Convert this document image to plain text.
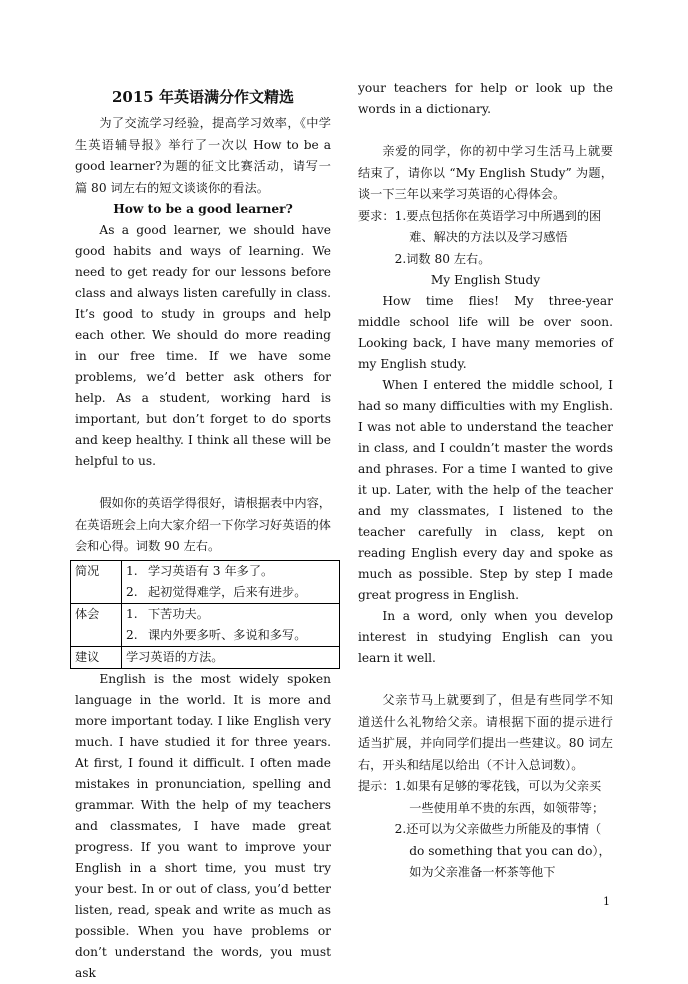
2015 年英语满分作文精选

为了交流学习经验，提高学习效率，《中学生英语辅导报》举行了一次以 How to be a good learner?为题的征文比赛活动，请写一篇 80 词左右的短文谈谈你的看法。

How to be a good learner?

As a good learner, we should have good habits and ways of learning. We need to get ready for our lessons before class and always listen carefully in class. It’s good to study in groups and help each other. We should do more reading in our free time. If we have some problems, we’d better ask others for help. As a student, working hard is important, but don’t forget to do sports and keep healthy. I think all these will be helpful to us.

假如你的英语学得很好，请根据表中内容，在英语班会上向大家介绍一下你学习好英语的体会和心得。词数 90 左右。

简况	1. 学习英语有 3 年多了。
2. 起初觉得难学，后来有进步。

体会	1. 下苦功夫。
2. 课内外要多听、多说和多写。

建议	学习英语的方法。

English is the most widely spoken language in the world. It is more and more important today. I like English very much. I have studied it for three years. At first, I found it difficult. I often made mistakes in pronunciation, spelling and grammar. With the help of my teachers and classmates, I have made great progress. If you want to improve your English in a short time, you must try your best. In or out of class, you’d better listen, read, speak and write as much as possible. When you have problems or don’t understand the words, you must ask

your teachers for help or look up the words in a dictionary.

亲爱的同学，你的初中学习生活马上就要结束了，请你以 “My English Study” 为题，谈一下三年以来学习英语的心得体会。

要求： 1.要点包括你在英语学习中所遇到的困难、解决的方法以及学习感悟
2.词数 80 左右。

My English Study

How time flies! My three-year middle school life will be over soon. Looking back, I have many memories of my English study.

When I entered the middle school, I had so many difficulties with my English. I was not able to understand the teacher in class, and I couldn’t master the words and phrases. For a time I wanted to give it up. Later, with the help of the teacher and my classmates, I listened to the teacher carefully in class, kept on reading English every day and spoke as much as possible. Step by step I made great progress in English.

In a word, only when you develop interest in studying English can you learn it well.

父亲节马上就要到了，但是有些同学不知道送什么礼物给父亲。请根据下面的提示进行适当扩展，并向同学们提出一些建议。80 词左右，开头和结尾以给出（不计入总词数）。

提示： 1.如果有足够的零花钱，可以为父亲买一些使用单不贵的东西，如领带等；
2.还可以为父亲做些力所能及的事情（ do something that you can do），如为父亲准备一杯茶等他下
1
